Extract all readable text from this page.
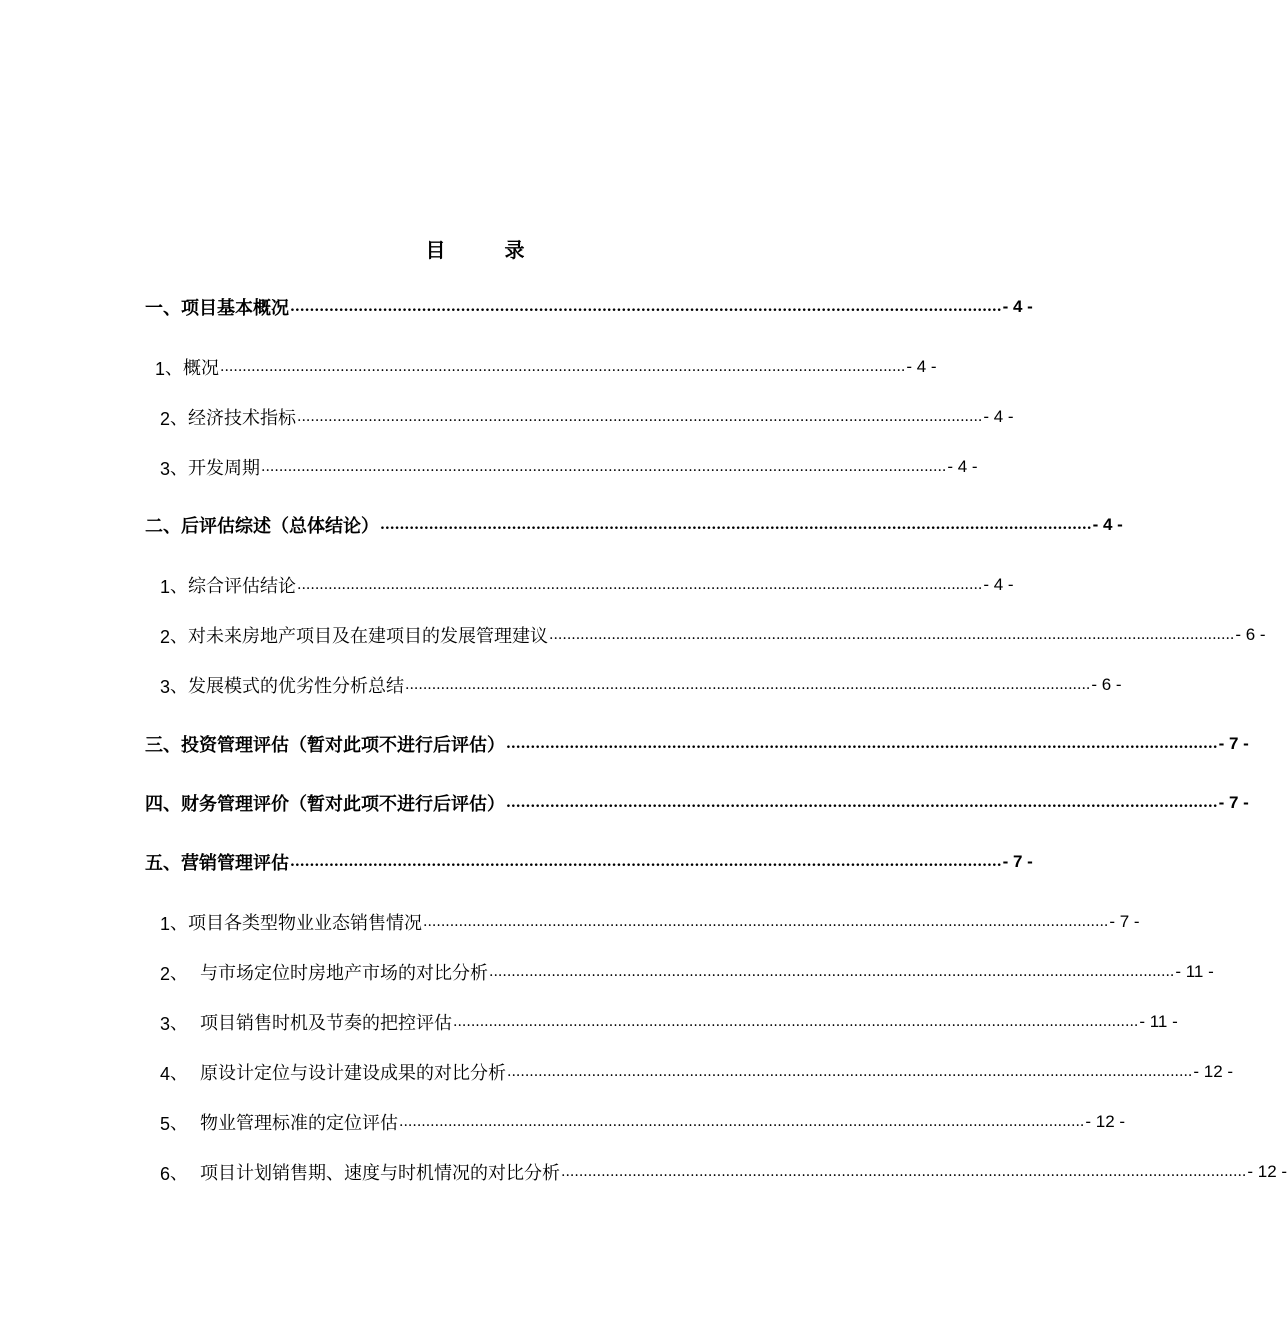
目 录
一、项目基本概况 .................................................................................................................................................. - 4 -
1 、 概况 .......................................................................................................................................................... - 4 -
2 、 经济技术指标 .......................................................................................................................................................... - 4 -
3 、 开发周期 .......................................................................................................................................................... - 4 -
二、后评估综述（总体结论） .................................................................................................................................................. - 4 -
1 、 综合评估结论 .......................................................................................................................................................... - 4 -
2 、 对未来房地产项目及在建项目的发展管理建议 .......................................................................................................................................................... - 6 -
3 、 发展模式的优劣性分析总结 .......................................................................................................................................................... - 6 -
三、投资管理评估（暂对此项不进行后评估） .................................................................................................................................................. - 7 -
四、财务管理评价（暂对此项不进行后评估） .................................................................................................................................................. - 7 -
五、营销管理评估 .................................................................................................................................................. - 7 -
1 、 项目各类型物业业态销售情况 .......................................................................................................................................................... - 7 -
2 、 与市场定位时房地产市场的对比分析 .......................................................................................................................................................... - 11 -
3 、 项目销售时机及节奏的把控评估 .......................................................................................................................................................... - 11 -
4 、 原设计定位与设计建设成果的对比分析 .......................................................................................................................................................... - 12 -
5 、 物业管理标准的定位评估 .......................................................................................................................................................... - 12 -
6 、 项目计划销售期、速度与时机情况的对比分析 .......................................................................................................................................................... - 12 -
